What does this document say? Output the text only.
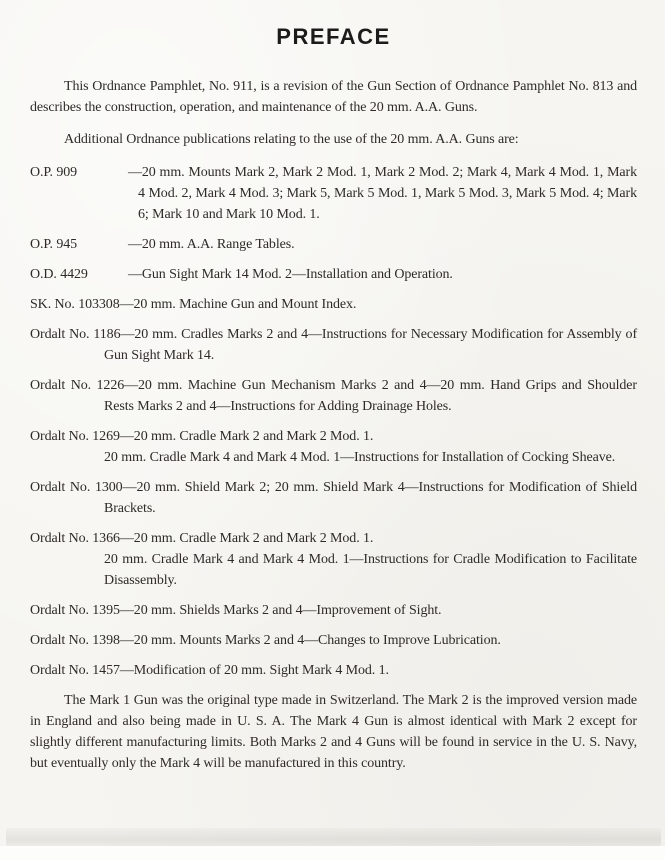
PREFACE

This Ordnance Pamphlet, No. 911, is a revision of the Gun Section of Ordnance Pamphlet No. 813 and describes the construction, operation, and maintenance of the 20 mm. A.A. Guns.

Additional Ordnance publications relating to the use of the 20 mm. A.A. Guns are:

O.P. 909	—20 mm. Mounts Mark 2, Mark 2 Mod. 1, Mark 2 Mod. 2; Mark 4, Mark 4 Mod. 1, Mark 4 Mod. 2, Mark 4 Mod. 3; Mark 5, Mark 5 Mod. 1, Mark 5 Mod. 3, Mark 5 Mod. 4; Mark 6; Mark 10 and Mark 10 Mod. 1.

O.P. 945	—20 mm. A.A. Range Tables.

O.D. 4429	—Gun Sight Mark 14 Mod. 2—Installation and Operation.

SK. No. 103308—20 mm. Machine Gun and Mount Index.

Ordalt No. 1186—20 mm. Cradles Marks 2 and 4—Instructions for Necessary Modification for Assembly of Gun Sight Mark 14.

Ordalt No. 1226—20 mm. Machine Gun Mechanism Marks 2 and 4—20 mm. Hand Grips and Shoulder Rests Marks 2 and 4—Instructions for Adding Drainage Holes.

Ordalt No. 1269—20 mm. Cradle Mark 2 and Mark 2 Mod. 1.
20 mm. Cradle Mark 4 and Mark 4 Mod. 1—Instructions for Installation of Cocking Sheave.

Ordalt No. 1300—20 mm. Shield Mark 2; 20 mm. Shield Mark 4—Instructions for Modification of Shield Brackets.

Ordalt No. 1366—20 mm. Cradle Mark 2 and Mark 2 Mod. 1.
20 mm. Cradle Mark 4 and Mark 4 Mod. 1—Instructions for Cradle Modification to Facilitate Disassembly.

Ordalt No. 1395—20 mm. Shields Marks 2 and 4—Improvement of Sight.

Ordalt No. 1398—20 mm. Mounts Marks 2 and 4—Changes to Improve Lubrication.

Ordalt No. 1457—Modification of 20 mm. Sight Mark 4 Mod. 1.

The Mark 1 Gun was the original type made in Switzerland. The Mark 2 is the improved version made in England and also being made in U. S. A. The Mark 4 Gun is almost identical with Mark 2 except for slightly different manufacturing limits. Both Marks 2 and 4 Guns will be found in service in the U. S. Navy, but eventually only the Mark 4 will be manufactured in this country.
